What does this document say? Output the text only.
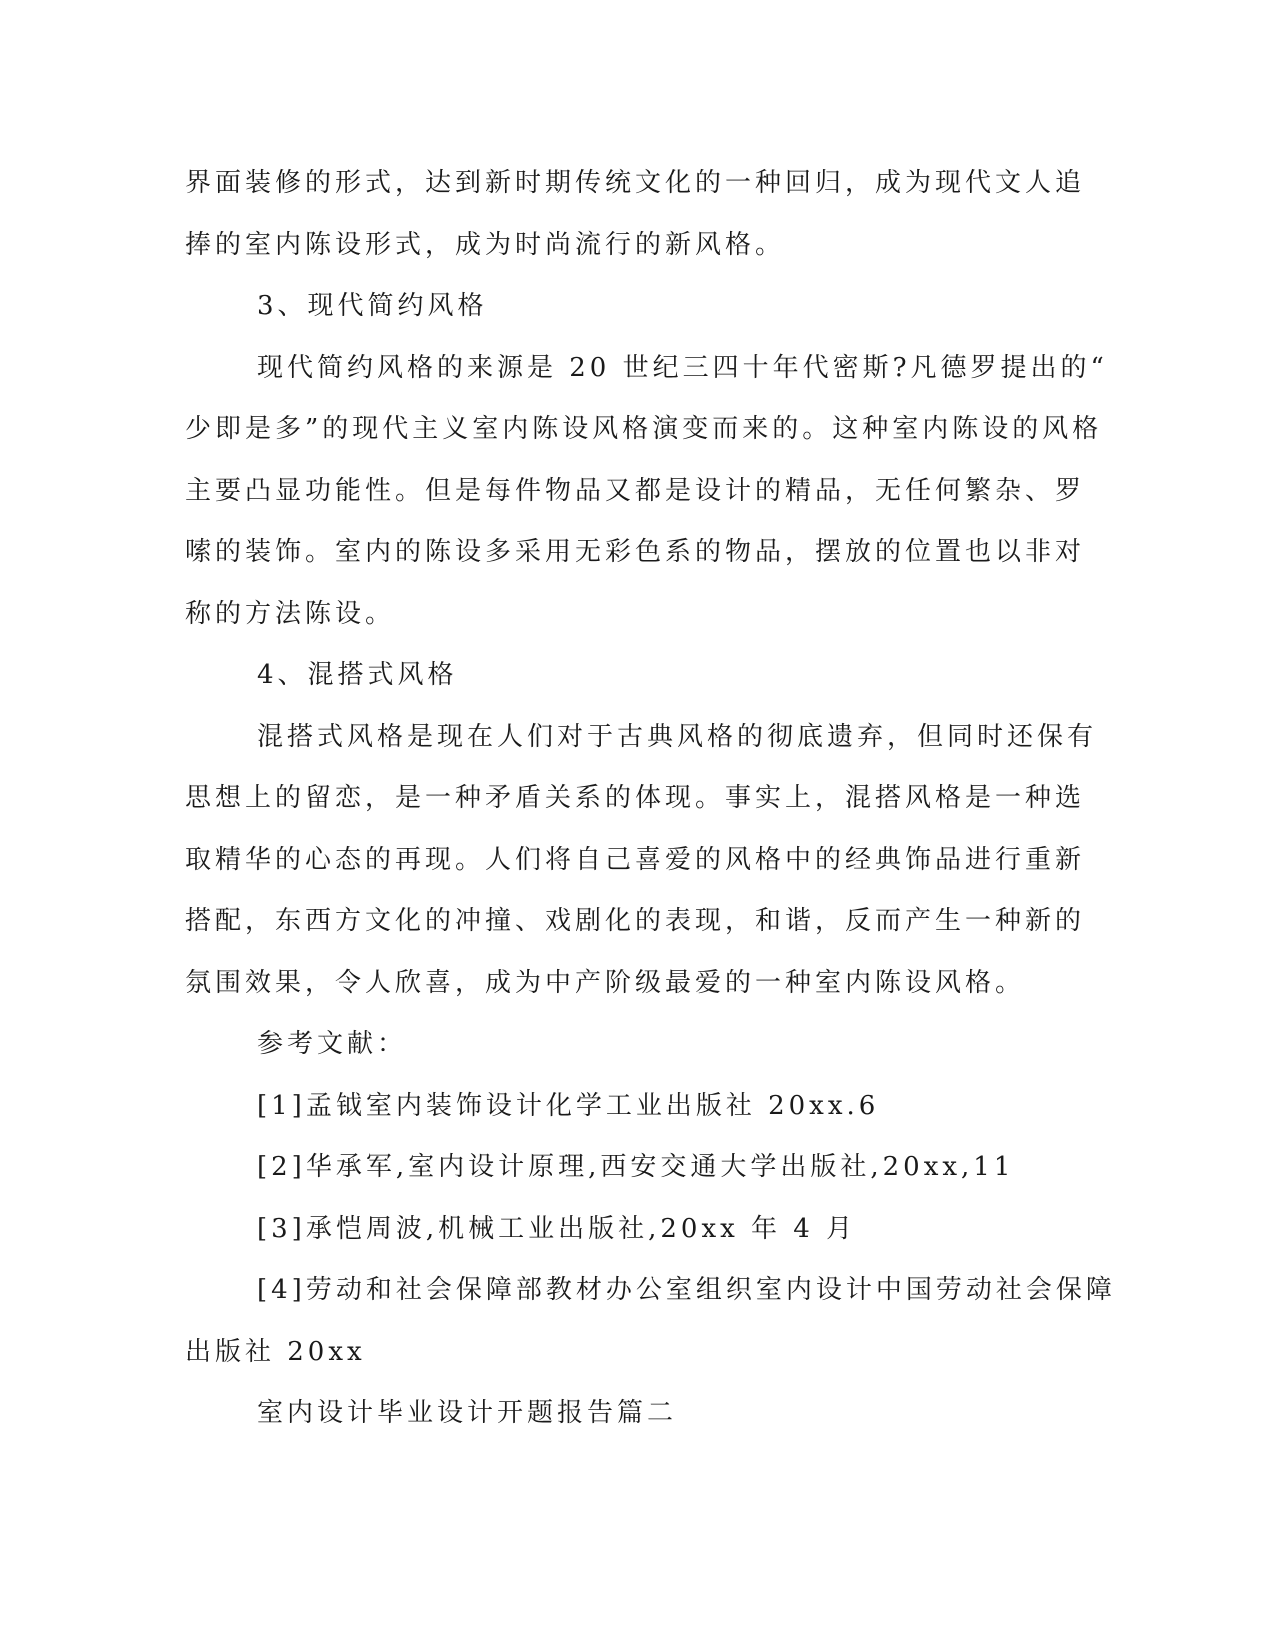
界面装修的形式，达到新时期传统文化的一种回归，成为现代文人追
捧的室内陈设形式，成为时尚流行的新风格。
3、现代简约风格
现代简约风格的来源是 20 世纪三四十年代密斯?凡德罗提出的“
少即是多”的现代主义室内陈设风格演变而来的。这种室内陈设的风格
主要凸显功能性。但是每件物品又都是设计的精品，无任何繁杂、罗
嗦的装饰。室内的陈设多采用无彩色系的物品，摆放的位置也以非对
称的方法陈设。
4、混搭式风格
混搭式风格是现在人们对于古典风格的彻底遗弃，但同时还保有
思想上的留恋，是一种矛盾关系的体现。事实上，混搭风格是一种选
取精华的心态的再现。人们将自己喜爱的风格中的经典饰品进行重新
搭配，东西方文化的冲撞、戏剧化的表现，和谐，反而产生一种新的
氛围效果，令人欣喜，成为中产阶级最爱的一种室内陈设风格。
参考文献：
[1]孟钺室内装饰设计化学工业出版社 20xx.6
[2]华承军,室内设计原理,西安交通大学出版社,20xx,11
[3]承恺周波,机械工业出版社,20xx 年 4 月
[4]劳动和社会保障部教材办公室组织室内设计中国劳动社会保障
出版社 20xx
室内设计毕业设计开题报告篇二
